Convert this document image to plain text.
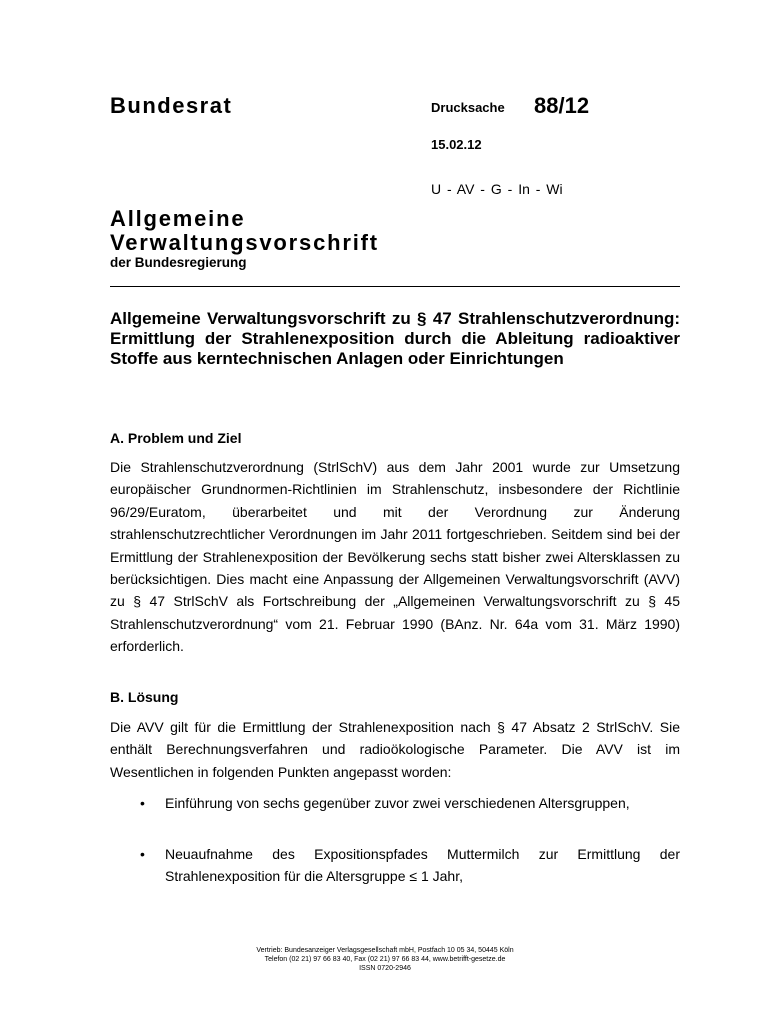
Bundesrat	Drucksache 88/12
15.02.12
U - AV - G - In - Wi
Allgemeine
Verwaltungsvorschrift
der Bundesregierung
Allgemeine Verwaltungsvorschrift zu § 47 Strahlenschutzverordnung: Ermittlung der Strahlenexposition durch die Ableitung radioaktiver Stoffe aus kerntechnischen Anlagen oder Einrichtungen
A. Problem und Ziel

Die Strahlenschutzverordnung (StrlSchV) aus dem Jahr 2001 wurde zur Umsetzung europäischer Grundnormen-Richtlinien im Strahlenschutz, insbesondere der Richtlinie 96/29/Euratom, überarbeitet und mit der Verordnung zur Änderung strahlenschutzrechtlicher Verordnungen im Jahr 2011 fortgeschrieben. Seitdem sind bei der Ermittlung der Strahlenexposition der Bevölkerung sechs statt bisher zwei Altersklassen zu berücksichtigen. Dies macht eine Anpassung der Allgemeinen Verwaltungsvorschrift (AVV) zu § 47 StrlSchV als Fortschreibung der „Allgemeinen Verwaltungsvorschrift zu § 45 Strahlenschutzverordnung“ vom 21. Februar 1990 (BAnz. Nr. 64a vom 31. März 1990) erforderlich.

B. Lösung

Die AVV gilt für die Ermittlung der Strahlenexposition nach § 47 Absatz 2 StrlSchV. Sie enthält Berechnungsverfahren und radioökologische Parameter. Die AVV ist im Wesentlichen in folgenden Punkten angepasst worden:

• Einführung von sechs gegenüber zuvor zwei verschiedenen Altersgruppen,
• Neuaufnahme des Expositionspfades Muttermilch zur Ermittlung der Strahlenexposition für die Altersgruppe ≤ 1 Jahr,
Vertrieb: Bundesanzeiger Verlagsgesellschaft mbH, Postfach 10 05 34, 50445 Köln
Telefon (02 21) 97 66 83 40, Fax (02 21) 97 66 83 44, www.betrifft-gesetze.de
ISSN 0720-2946
